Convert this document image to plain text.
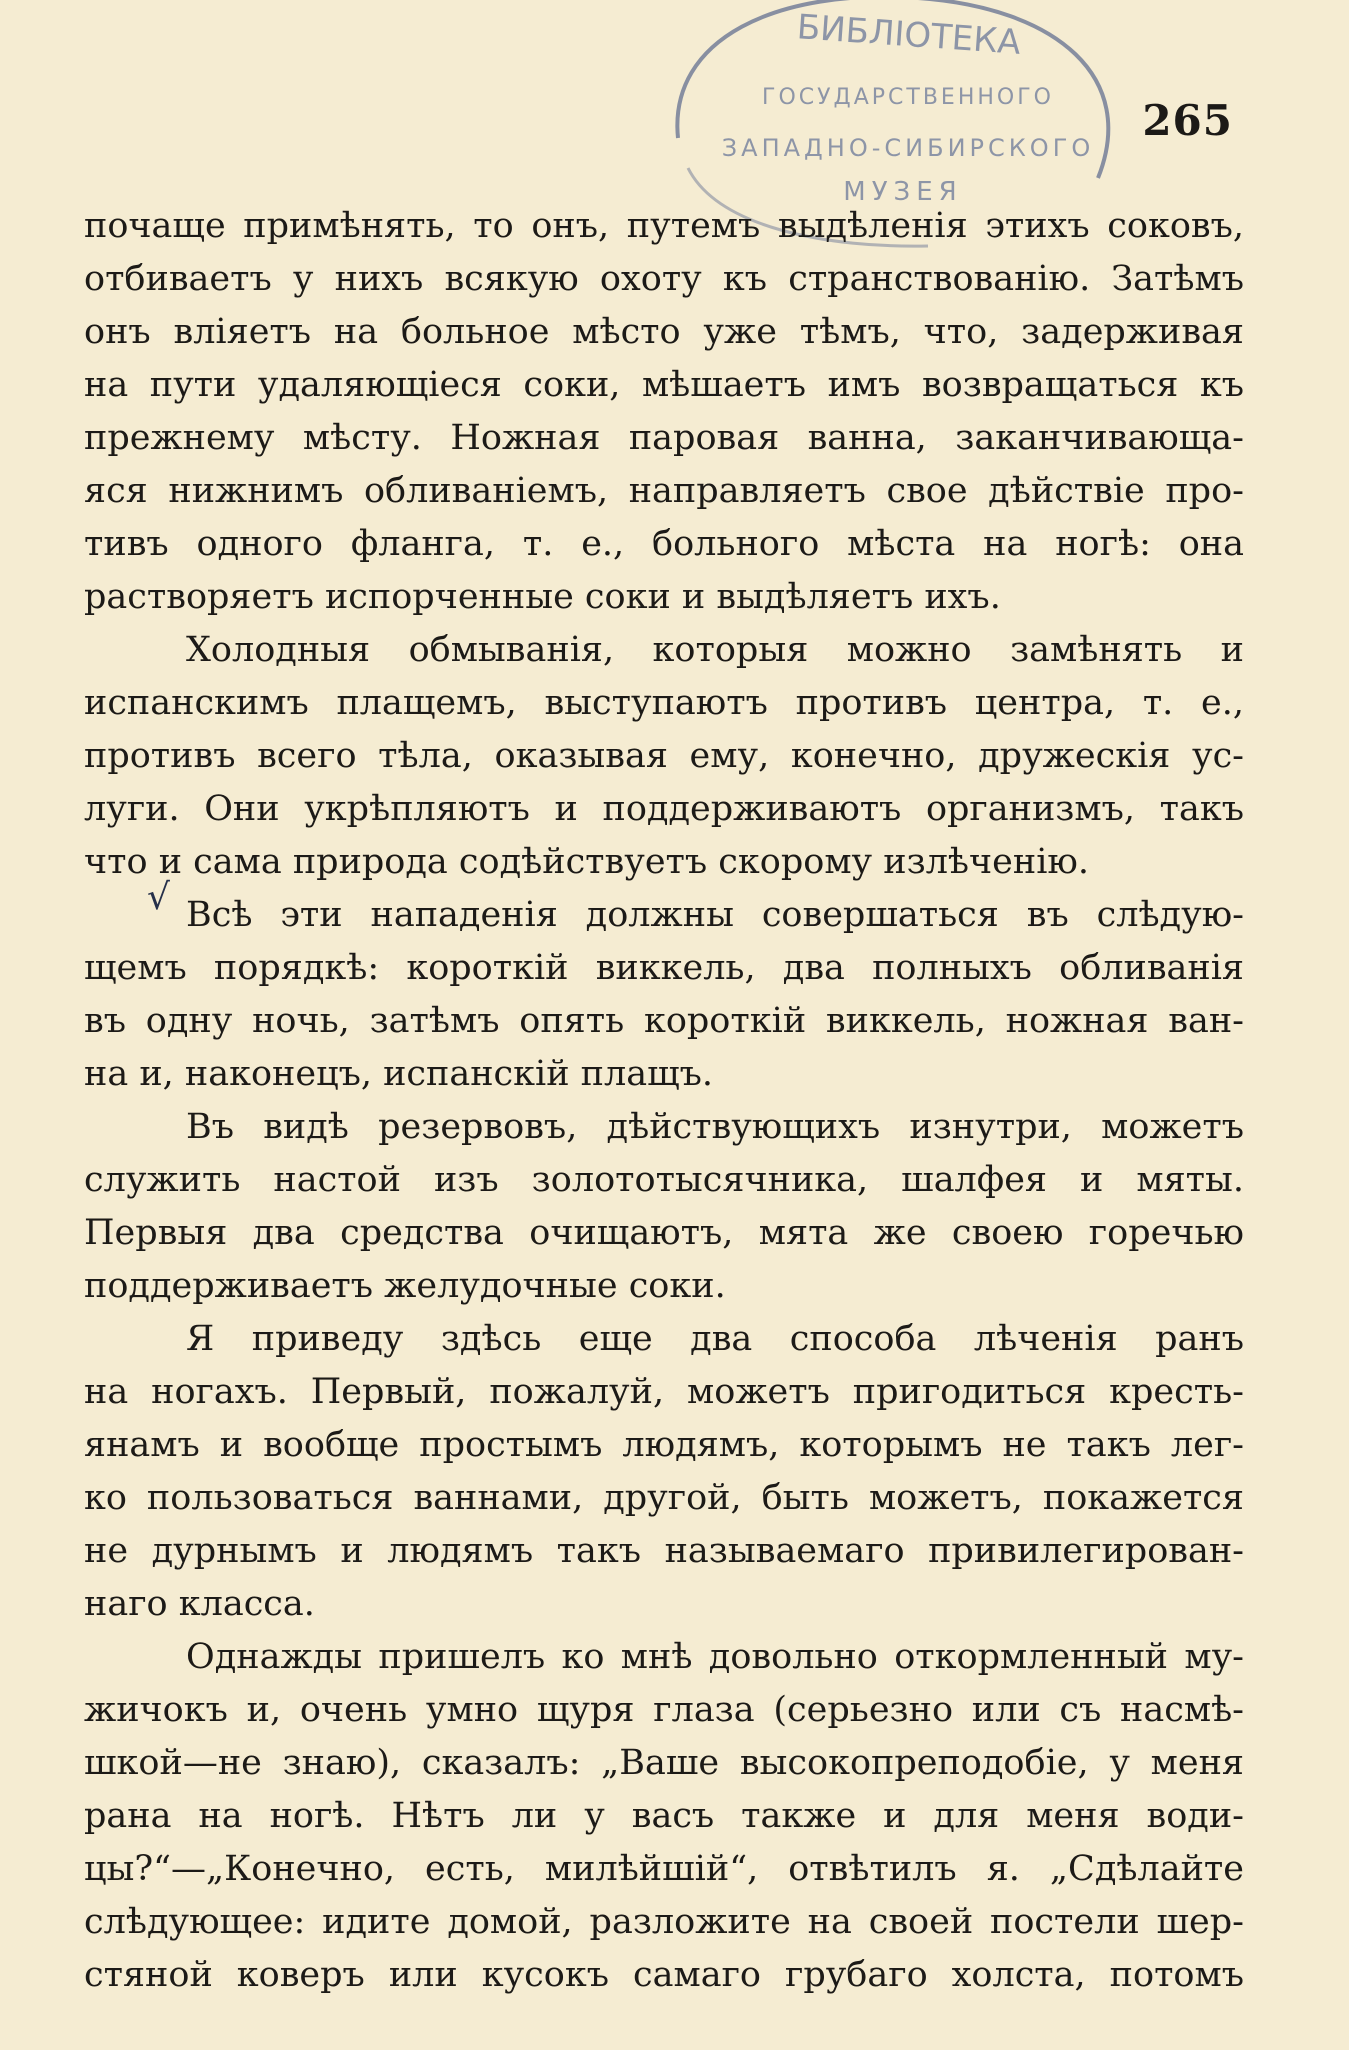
265
БИБЛІОТЕКА
ГОСУДАРСТВЕННОГО
ЗАПАДНО-СИБИРСКОГО
МУЗЕЯ
√
почаще примѣнять, то онъ, путемъ выдѣленія этихъ соковъ,
отбиваетъ у нихъ всякую охоту къ странствованію. Затѣмъ
онъ вліяетъ на больное мѣсто уже тѣмъ, что, задерживая
на пути удаляющіеся соки, мѣшаетъ имъ возвращаться къ
прежнему мѣсту. Ножная паровая ванна, заканчивающа-
яся нижнимъ обливаніемъ, направляетъ свое дѣйствіе про-
тивъ одного фланга, т. е., больного мѣста на ногѣ: она
растворяетъ испорченные соки и выдѣляетъ ихъ.
Холодныя обмыванія, которыя можно замѣнять и
испанскимъ плащемъ, выступаютъ противъ центра, т. е.,
противъ всего тѣла, оказывая ему, конечно, дружескія ус-
луги. Они укрѣпляютъ и поддерживаютъ организмъ, такъ
что и сама природа содѣйствуетъ скорому излѣченію.
Всѣ эти нападенія должны совершаться въ слѣдую-
щемъ порядкѣ: короткій виккель, два полныхъ обливанія
въ одну ночь, затѣмъ опять короткій виккель, ножная ван-
на и, наконецъ, испанскій плащъ.
Въ видѣ резервовъ, дѣйствующихъ изнутри, можетъ
служить настой изъ золототысячника, шалфея и мяты.
Первыя два средства очищаютъ, мята же своею горечью
поддерживаетъ желудочные соки.
Я приведу здѣсь еще два способа лѣченія ранъ
на ногахъ. Первый, пожалуй, можетъ пригодиться кресть-
янамъ и вообще простымъ людямъ, которымъ не такъ лег-
ко пользоваться ваннами, другой, быть можетъ, покажется
не дурнымъ и людямъ такъ называемаго привилегирован-
наго класса.
Однажды пришелъ ко мнѣ довольно откормленный му-
жичокъ и, очень умно щуря глаза (серьезно или съ насмѣ-
шкой—не знаю), сказалъ: „Ваше высокопреподобіе, у меня
рана на ногѣ. Нѣтъ ли у васъ также и для меня води-
цы?“—„Конечно, есть, милѣйшій“, отвѣтилъ я. „Сдѣлайте
слѣдующее: идите домой, разложите на своей постели шер-
стяной коверъ или кусокъ самаго грубаго холста, потомъ
